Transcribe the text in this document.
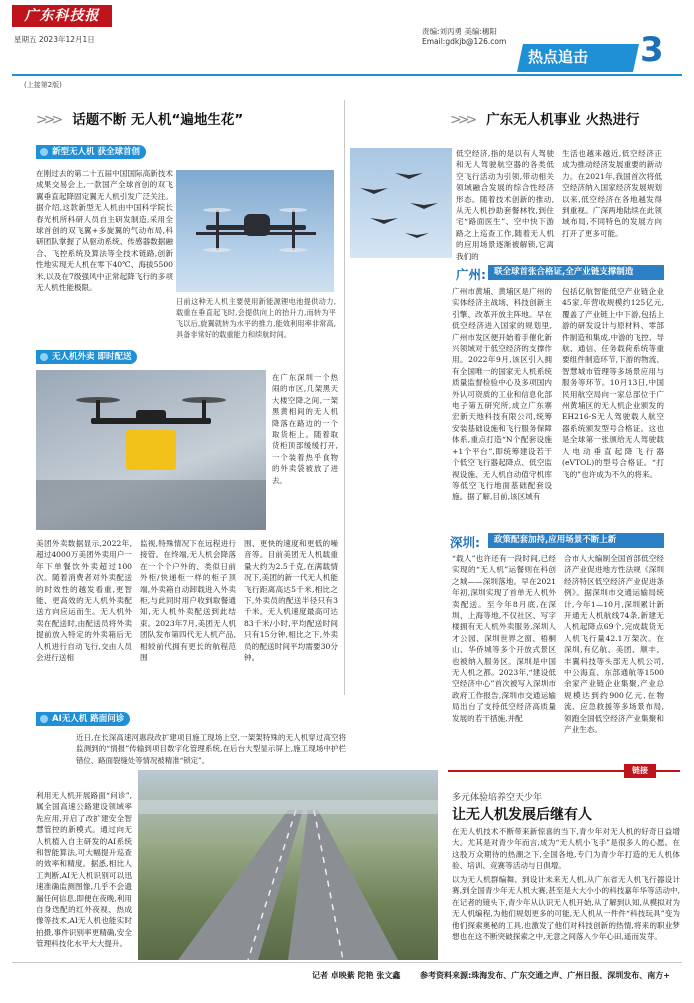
广东科技报
星期五 2023年12月1日
责编:刘丙勇 美编:穗阳
Email:gdkjb@126.com
热点追击 3
(上接第2版)
>>> 话题不断 无人机“遍地生花”
新型无人机 获全球首创
在刚过去的第二十五届中国国际高新技术成果交易会上,一款国产全球首创的双飞翼垂直起降固定翼无人机引发广泛关注。据介绍,这款新型无人机由中国科学院长春光机所科研人员自主研发制造,采用全球首创的双飞翼+多旋翼的气动布局,科研团队掌握了从驱动系统、传感器数据融合、飞控系统及算法等全技术链路,创新性地实现无人机在零下40℃、海拔5500米,以及在7级强风中正常起降飞行的多项无人机性能极限。
日前这种无人机主要使用新能源锂电池提供动力,载重在垂直起飞时,会提供向上的抬升力,而转为平飞以后,旋翼就转为水平的推力,能效利用率非常高,具备非常好的载重能力和续航时间。
无人机外卖 即时配送
在广东深圳一个热闹的市区,几架黑天大楼空降之间,一架黑黄相间的无人机降落在路边的一个取货柜上。随着取货柜顶部缓缓打开,一个装着热乎食物的外卖袋被放了进去。
美团外卖数据显示,2022年,超过4000万美团外卖用户一年下单餐饮外卖超过100次。随着消费者对外卖配送的时效性的越发看重,更智能、更高效的无人机外卖配送方向应运而生。无人机外卖在配送时,由配送员将外卖提前放入特定的外卖箱后无人机进行自动飞行,交由人员会进行送相
监视,特殊情况下在远程进行接管。在终端,无人机会降落在一个个户外的、类似日前外柜/快递柜一样的柜子顶端,外卖箱自动卸载进入外卖柜,与此同时用户收到取餐通知,无人机外卖配送到此结束。2023年7月,美团无人机团队发布第四代无人机产品,相较前代拥有更长的航程范围
围、更快的速度和更低的噪音等。目前美团无人机载重量大约为2.5千克,在满载情况下,美团的新一代无人机能飞行距离高达5千米,相比之下,外卖员的配送半径只有3千米。无人机速度最高可达83千米/小时,平均配送时间只有15分钟,相比之下,外卖员的配送时间平均需要30分钟。
>>> 广东无人机事业 火热进行
低空经济,指的是以有人驾驶和无人驾驶航空器的各类低空飞行活动为引领,带动相关领域融合发展的综合性经济形态。随着技术创新的推动,从无人机抄助套餐林牧,到住宅“路面医生”、空中快下游路之上巡查工作,随着无人机的应用场景逐渐被解锁,它离我们的
生活也越来越近,低空经济正成为推动经济发展重要的新动力。在2021年,我国首次将低空经济纳入国家经济发展规划以来,低空经济在各地越发得到重视。广深两地陆续在此领域布局,不同特色的发展方向打开了更多可能。
广州: 联全球首张合格证,全产业链支撑制造
广州市黄埔、黄埔区是广州的实体经济主战场、科技创新主引擎、改革开放主阵地。早在低空经济进入国家的规划里,广州市发区便开始着手催化新兴领域对于低空经济的支撑作用。2022年9月,该区引入拥有全国唯一的国家无人机系统质量监督检验中心及多项国内外认可资质的工业和信息化部电子第五研究所,成立广东寨宏新天地科技有限公司,统筹安装基础设施和飞行服务保障体系,重点打造“N个配套设施+1个平台”,即统筹建设若干个低空飞行器起降点、低空监视设施、无人机自动值守机库等低空飞行地面基础配套设施。据了解,目前,该区域有
包括亿航智能低空产业链企业45家,年营收规模约125亿元,覆盖了产业链上中下游,包括上游的研发设计与原材料、零部件制造和集成,中游的飞控、导航、通信、任务载荷系统等重要组件制造环节,下游的物流、智慧城市管理等多场景应用与服务等环节。10月13日,中国民用航空局向一家总部位于广州黄埔区的无人机企业颁发的EH216-S无人驾驶载人航空器系统颁发型号合格证。这也是全球第一张颁给无人驾驶载人电动垂直起降飞行器(eVTOL)的型号合格证。“打飞的”也许成为不久的将来。
深圳:	政策配套加持,应用场景不断上新
“载人”也许还有一段时间,已经实现的“无人机”运餐则在科创之城——深圳落地。早在2021年初,深圳实现了首单无人机外卖配送。至今年8月底,在深圳、上海等地,不仅社区、写字楼拥有无人机外卖服务,深圳人才公园、深圳世界之窗、梧桐山、华侨城等多个开放式景区也被纳入服务区。深圳是中国无人机之都。2023年,“建设低空经济中心”首次被写入深圳市政府工作报告,深圳市交通运输局出台了支持低空经济高质量发展的若干措施,并配
合市人大编制全国首部低空经济产业促进地方性法规《深圳经济特区低空经济产业促进条例》。据深圳市交通运输局统计,今年1—10月,深圳累计新开通无人机航线74条,新建无人机起降点69个,完成载货无人机飞行量42.1万架次。在深圳,有亿航、美团、顺丰、丰翼科技等头部无人机公司,中公海直、东部通航等1500余家产业链企业集聚,产业总规模达到约900亿元,在物流、应急救援等多场景布局,领跑全国低空经济产业集聚和产业生态。
AI无人机 路面问诊
近日,在长深高速河惠段改扩建项目施工现场上空,一架架特殊的无人机穿过高空将监测到的“情报”传输到项目数字化管理系统,在后台大型显示屏上,施工现场中护栏错位、路面裂缝处等情况被精准“锁定”。
利用无人机开展路面“问诊”,属全国高速公路建设领域率先应用,开启了改扩建安全智慧管控的新模式。通过向无人机植入自主研发的AI系统和智能算法,可大幅提升巡查的效率和精度。据悉,相比人工判断,AI无人机识别可以迅速准确监测图像,几乎不会遗漏任何信息,即便在夜晚,利用自身迭配的红外夜视、热成像等技术,AI无人机也能实时拍摄,事件识别率更精确,安全管理科技化水平大大提升。
链接
多元体验培养空天少年
让无人机发展后继有人
在无人机技术不断带来新惊喜的当下,青少年对无人机的好奇日益增大。尤其是对青少年而言,成为“无人机小飞手”是很多人的心愿。在这股万众期待的热潮之下,全国各地,专门为青少年打造的无人机体验、培训、竞赛等活动与日俱增。
以为无人机群编舞、到设计未来无人机,从广东省无人机飞行器设计赛,到全国青少年无人机大赛,甚至是大大小小的科技嘉年华等活动中,在记者的镜头下,青少年从认识无人机开始,从了解到认知,从模拟对为无人机编程,为他们规划更多的可能,无人机从一件件“科技玩具”变为他们探索奥秘的工具,也激发了他们对科技创新的热情,将来的职业梦想也在这不断突破探索之中,无意之间落入少年心田,遥而发芽。
记者 卓映紫 陀艳 张文鑫 参考资料来源:珠海发布、广东交通之声、广州日报、深圳发布、南方+
